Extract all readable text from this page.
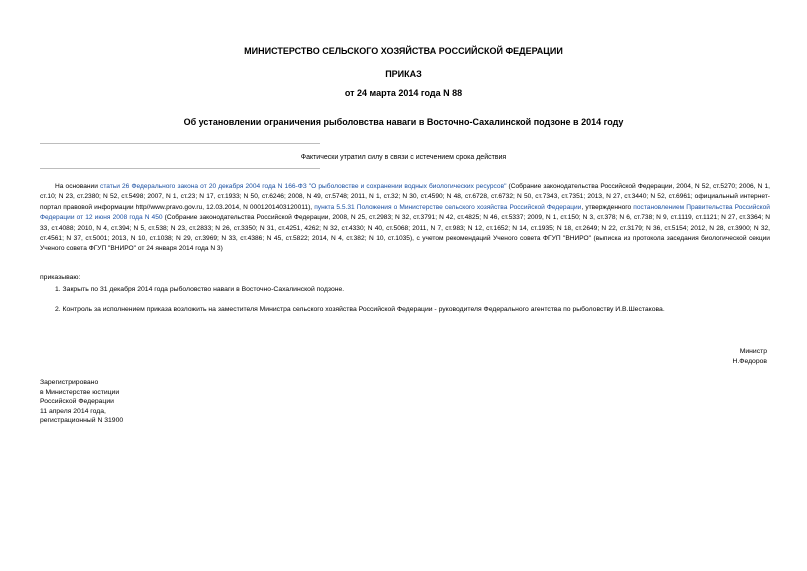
МИНИСТЕРСТВО СЕЛЬСКОГО ХОЗЯЙСТВА РОССИЙСКОЙ ФЕДЕРАЦИИ
ПРИКАЗ
от 24 марта 2014 года N 88
Об установлении ограничения рыболовства наваги в Восточно-Сахалинской подзоне в 2014 году
Фактически утратил силу в связи с истечением срока действия
На основании статьи 26 Федерального закона от 20 декабря 2004 года N 166-ФЗ "О рыболовстве и сохранении водных биологических ресурсов" (Собрание законодательства Российской Федерации, 2004, N 52, ст.5270; 2006, N 1, ст.10; N 23, ст.2380; N 52, ст.5498; 2007, N 1, ст.23; N 17, ст.1933; N 50, ст.6246; 2008, N 49, ст.5748; 2011, N 1, ст.32; N 30, ст.4590; N 48, ст.6728, ст.6732; N 50, ст.7343, ст.7351; 2013, N 27, ст.3440; N 52, ст.6961; официальный интернет-портал правовой информации http//www.pravo.gov.ru, 12.03.2014, N 0001201403120011), пункта 5.5.31 Положения о Министерстве сельского хозяйства Российской Федерации, утвержденного постановлением Правительства Российской Федерации от 12 июня 2008 года N 450 (Собрание законодательства Российской Федерации, 2008, N 25, ст.2983; N 32, ст.3791; N 42, ст.4825; N 46, ст.5337; 2009, N 1, ст.150; N 3, ст.378; N 6, ст.738; N 9, ст.1119, ст.1121; N 27, ст.3364; N 33, ст.4088; 2010, N 4, ст.394; N 5, ст.538; N 23, ст.2833; N 26, ст.3350; N 31, ст.4251, 4262; N 32, ст.4330; N 40, ст.5068; 2011, N 7, ст.983; N 12, ст.1652; N 14, ст.1935; N 18, ст.2649; N 22, ст.3179; N 36, ст.5154; 2012, N 28, ст.3900; N 32, ст.4561; N 37, ст.5001; 2013, N 10, ст.1038; N 29, ст.3969; N 33, ст.4386; N 45, ст.5822; 2014, N 4, ст.382; N 10, ст.1035), с учетом рекомендаций Ученого совета ФГУП "ВНИРО" (выписка из протокола заседания биологической секции Ученого совета ФГУП "ВНИРО" от 24 января 2014 года N 3)
приказываю:
1. Закрыть по 31 декабря 2014 года рыболовство наваги в Восточно-Сахалинской подзоне.
2. Контроль за исполнением приказа возложить на заместителя Министра сельского хозяйства Российской Федерации - руководителя Федерального агентства по рыболовству И.В.Шестакова.
Министр
Н.Федоров
Зарегистрировано
в Министерстве юстиции
Российской Федерации
11 апреля 2014 года,
регистрационный N 31900
